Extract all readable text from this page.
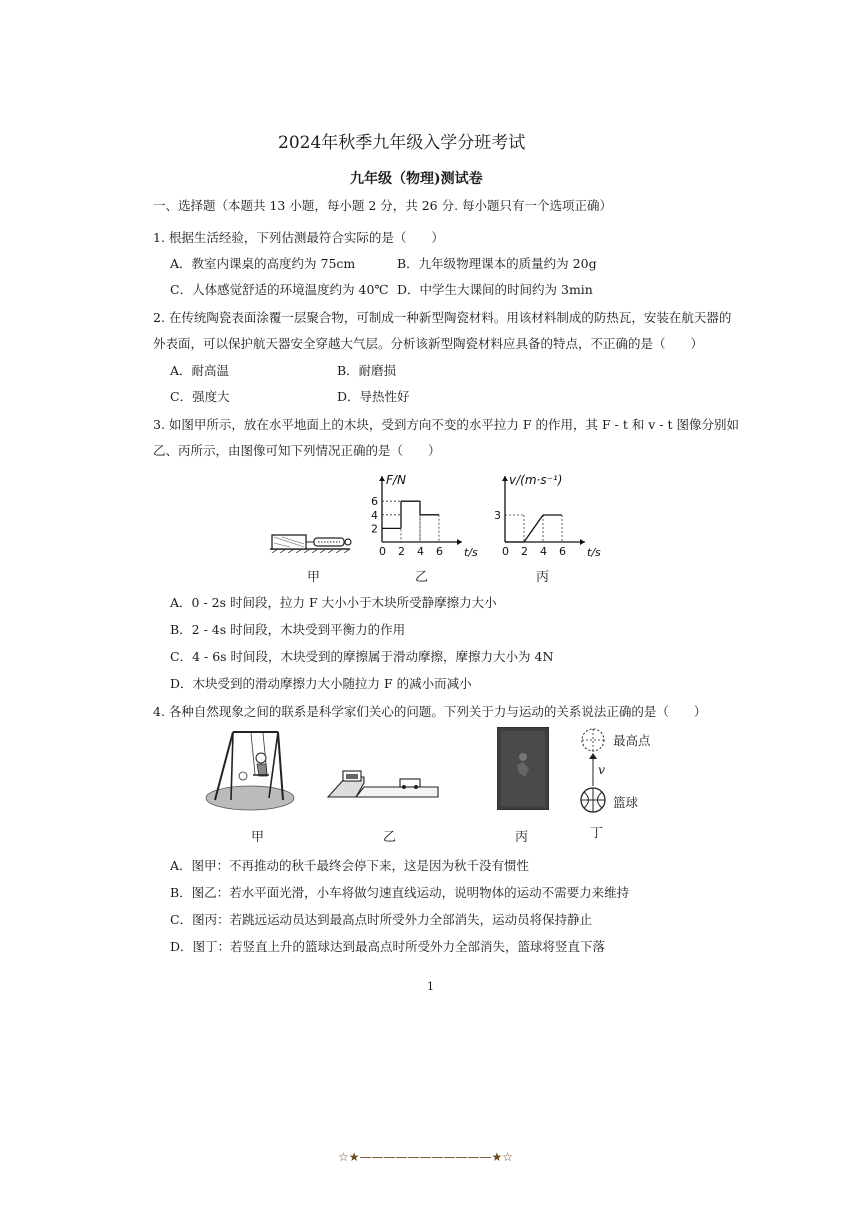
2024年秋季九年级入学分班考试
九年级（物理)测试卷
一、选择题（本题共 13 小题，每小题 2 分，共 26 分. 每小题只有一个选项正确）
1. 根据生活经验，下列估测最符合实际的是（　　）
A．教室内课桌的高度约为 75cm	B．九年级物理课本的质量约为 20g
C．人体感觉舒适的环境温度约为 40℃ D．中学生大课间的时间约为 3min
2. 在传统陶瓷表面涂覆一层聚合物，可制成一种新型陶瓷材料。用该材料制成的防热瓦，安装在航天器的
外表面，可以保护航天器安全穿越大气层。分析该新型陶瓷材料应具备的特点，不正确的是（　　）
A．耐高温	B．耐磨损
C．强度大	D．导热性好
3. 如图甲所示，放在水平地面上的木块，受到方向不变的水平拉力 F 的作用，其 F - t 和 v - t 图像分别如
乙、丙所示，由图像可知下列情况正确的是（　　）
F/N
t/s
0 2 4 6
2
4
6
v/(m·s⁻¹)
t/s
0 2 4 6
3
甲	乙	丙
A．0 - 2s 时间段，拉力 F 大小小于木块所受静摩擦力大小
B．2 - 4s 时间段，木块受到平衡力的作用
C．4 - 6s 时间段，木块受到的摩擦属于滑动摩擦，摩擦力大小为 4N
D．木块受到的滑动摩擦力大小随拉力 F 的减小而减小
4. 各种自然现象之间的联系是科学家们关心的问题。下列关于力与运动的关系说法正确的是（　　）
最高点
v
篮球
甲	乙	丙	丁
A．图甲：不再推动的秋千最终会停下来，这是因为秋千没有惯性
B．图乙：若水平面光滑，小车将做匀速直线运动，说明物体的运动不需要力来维持
C．图丙：若跳远运动员达到最高点时所受外力全部消失，运动员将保持静止
D．图丁：若竖直上升的篮球达到最高点时所受外力全部消失，篮球将竖直下落
1
☆★———————————★☆
